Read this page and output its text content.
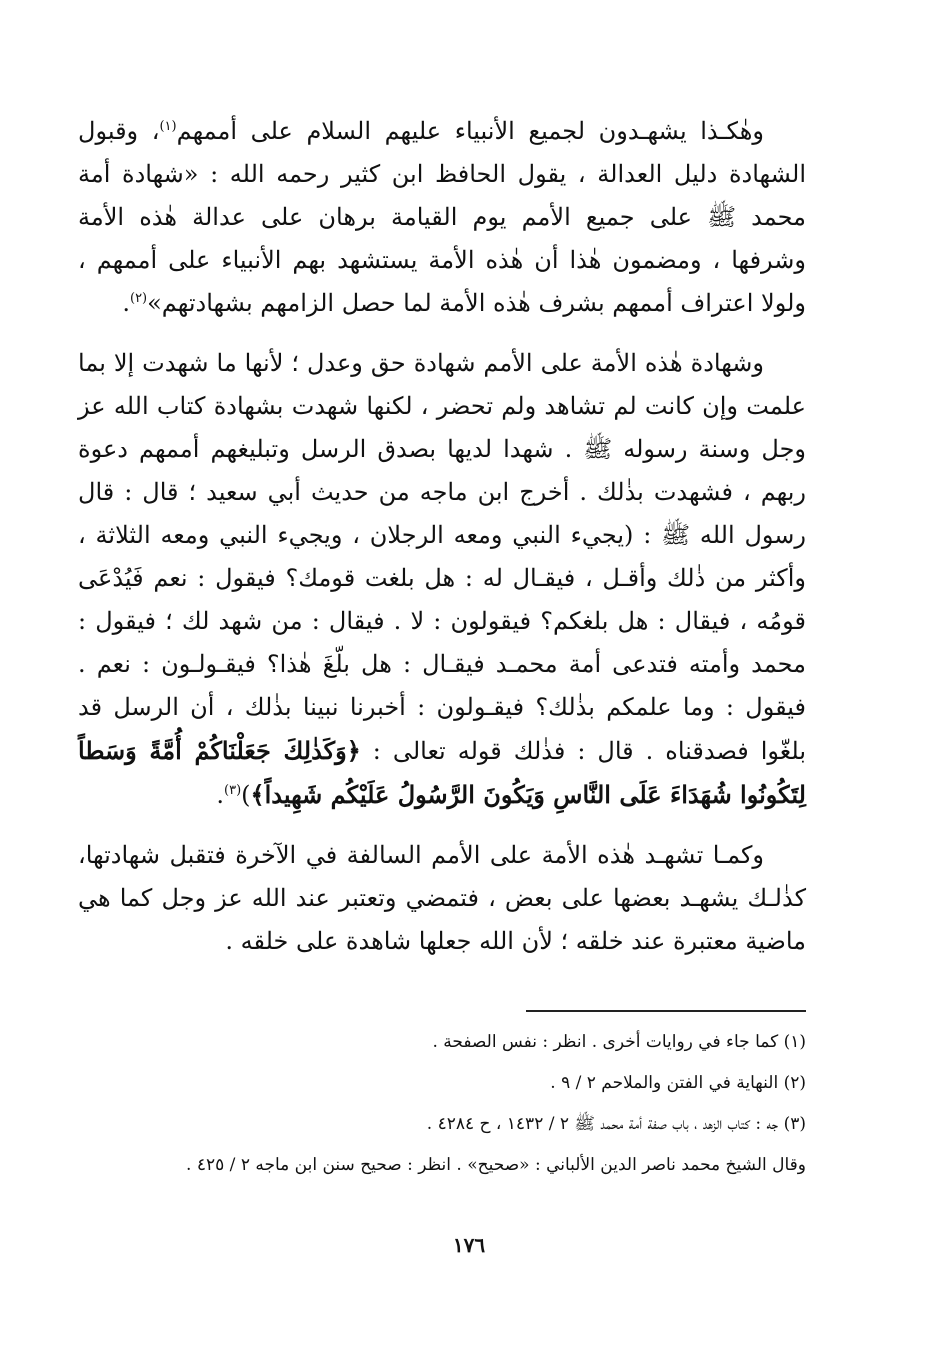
وهٰكـذا يشهـدون لجميع الأنبياء عليهم السلام على أممهم$^{(١)}$، وقبول الشهادة دليل العدالة ، يقول الحافظ ابن كثير رحمه الله : «شهادة أمة محمد ﷺ على جميع الأمم يوم القيامة برهان على عدالة هٰذه الأمة وشرفها ، ومضمون هٰذا أن هٰذه الأمة يستشهد بهم الأنبياء على أممهم ، ولولا اعتراف أممهم بشرف هٰذه الأمة لما حصل الزامهم بشهادتهم»$^{(٢)}$.

وشهادة هٰذه الأمة على الأمم شهادة حق وعدل ؛ لأنها ما شهدت إلا بما علمت وإن كانت لم تشاهد ولم تحضر ، لكنها شهدت بشهادة كتاب الله عز وجل وسنة رسوله ﷺ . شهدا لديها بصدق الرسل وتبليغهم أممهم دعوة ربهم ، فشهدت بذٰلك . أخرج ابن ماجه من حديث أبي سعيد ؛ قال : قال رسول الله ﷺ : (يجيء النبي ومعه الرجلان ، ويجيء النبي ومعه الثلاثة ، وأكثر من ذٰلك وأقـل ، فيقـال له : هل بلغت قومك؟ فيقول : نعم فَيُدْعَى قومُه ، فيقال : هل بلغكم؟ فيقولون : لا . فيقال : من شهد لك ؛ فيقول : محمد وأمته فتدعى أمة محمـد فيقـال : هل بلّغَ هٰذا؟ فيقـولـون : نعم . فيقول : وما علمكم بذٰلك؟ فيقـولون : أخبرنا نبينا بذٰلك ، أن الرسل قد بلغّوا فصدقناه . قال : فذٰلك قوله تعالى : ﴿وَكَذٰلِكَ جَعَلْنَاكُمْ أُمَّةً وَسَطاً لِتَكُونُوا شُهَدَاءَ عَلَى النَّاسِ وَيَكُونَ الرَّسُولُ عَلَيْكُم شَهِيداً﴾)$^{(٣)}$.

وكمـا تشهـد هٰذه الأمة على الأمم السالفة في الآخرة فتقبل شهادتها، كذٰلـك يشهـد بعضها على بعض ، فتمضي وتعتبر عند الله عز وجل كما هي ماضية معتبرة عند خلقه ؛ لأن الله جعلها شاهدة على خلقه .

(١) كما جاء في روايات أخرى . انظر : نفس الصفحة .

(٢) النهاية في الفتن والملاحم ٢ / ٩ .

(٣) جه : كتاب الزهد ، باب صفة أمة محمد ﷺ ٢ / ١٤٣٢ ، ح ٤٢٨٤ .

وقال الشيخ محمد ناصر الدين الألباني : «صحيح» . انظر : صحيح سنن ابن ماجه ٢ / ٤٢٥ .

١٧٦
